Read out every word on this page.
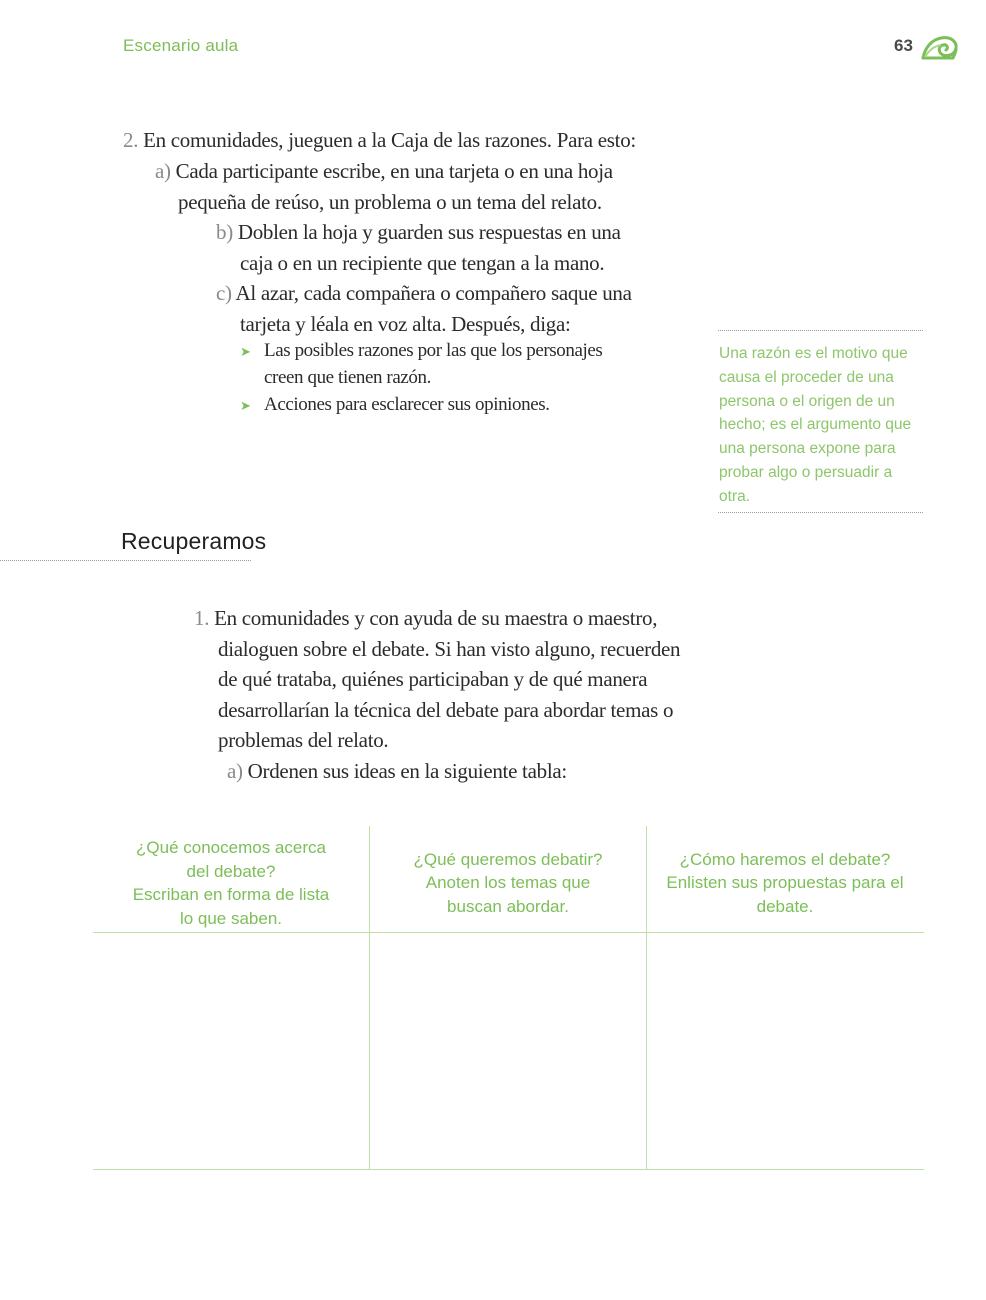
Escenario aula	63
2. En comunidades, jueguen a la Caja de las razones. Para esto:
a) Cada participante escribe, en una tarjeta o en una hoja
pequeña de reúso, un problema o un tema del relato.
b) Doblen la hoja y guarden sus respuestas en una
caja o en un recipiente que tengan a la mano.
c) Al azar, cada compañera o compañero saque una
tarjeta y léala en voz alta. Después, diga:
➤ Las posibles razones por las que los personajes
creen que tienen razón.
➤ Acciones para esclarecer sus opiniones.
Una razón es el motivo que causa el proceder de una persona o el origen de un hecho; es el argumento que una persona expone para probar algo o persuadir a otra.
Recuperamos
1. En comunidades y con ayuda de su maestra o maestro,
dialoguen sobre el debate. Si han visto alguno, recuerden
de qué trataba, quiénes participaban y de qué manera
desarrollarían la técnica del debate para abordar temas o
problemas del relato.
a) Ordenen sus ideas en la siguiente tabla:
¿Qué conocemos acerca
del debate?
Escriban en forma de lista
lo que saben.
¿Qué queremos debatir?
Anoten los temas que
buscan abordar.
¿Cómo haremos el debate?
Enlisten sus propuestas para el
debate.
